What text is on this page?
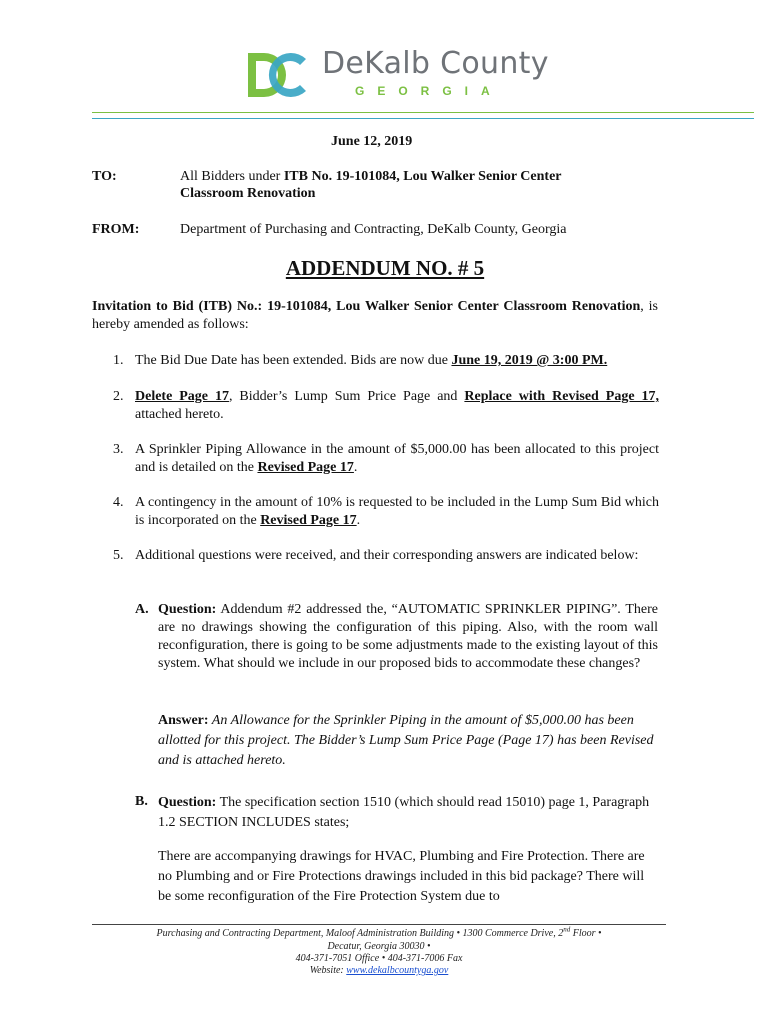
DeKalb County
GEORGIA
June 12, 2019
TO:	All Bidders under ITB No. 19-101084, Lou Walker Senior Center
Classroom Renovation
FROM:	Department of Purchasing and Contracting, DeKalb County, Georgia
ADDENDUM NO. # 5

Invitation to Bid (ITB) No.: 19-101084, Lou Walker Senior Center Classroom Renovation, is hereby amended as follows:

1. The Bid Due Date has been extended. Bids are now due June 19, 2019 @ 3:00 PM.

2. Delete Page 17, Bidder’s Lump Sum Price Page and Replace with Revised Page 17, attached hereto.

3. A Sprinkler Piping Allowance in the amount of $5,000.00 has been allocated to this project and is detailed on the Revised Page 17.

4. A contingency in the amount of 10% is requested to be included in the Lump Sum Bid which is incorporated on the Revised Page 17.

5. Additional questions were received, and their corresponding answers are indicated below:

A. Question: Addendum #2 addressed the, “AUTOMATIC SPRINKLER PIPING”. There are no drawings showing the configuration of this piping. Also, with the room wall reconfiguration, there is going to be some adjustments made to the existing layout of this system. What should we include in our proposed bids to accommodate these changes?

Answer: An Allowance for the Sprinkler Piping in the amount of $5,000.00 has been allotted for this project. The Bidder’s Lump Sum Price Page (Page 17) has been Revised and is attached hereto.

B. Question: The specification section 1510 (which should read 15010) page 1, Paragraph 1.2 SECTION INCLUDES states;

There are accompanying drawings for HVAC, Plumbing and Fire Protection. There are no Plumbing and or Fire Protections drawings included in this bid package? There will be some reconfiguration of the Fire Protection System due to

Purchasing and Contracting Department, Maloof Administration Building • 1300 Commerce Drive, 2nd Floor •
Decatur, Georgia 30030 •
404-371-7051 Office • 404-371-7006 Fax
Website: www.dekalbcountyga.gov
